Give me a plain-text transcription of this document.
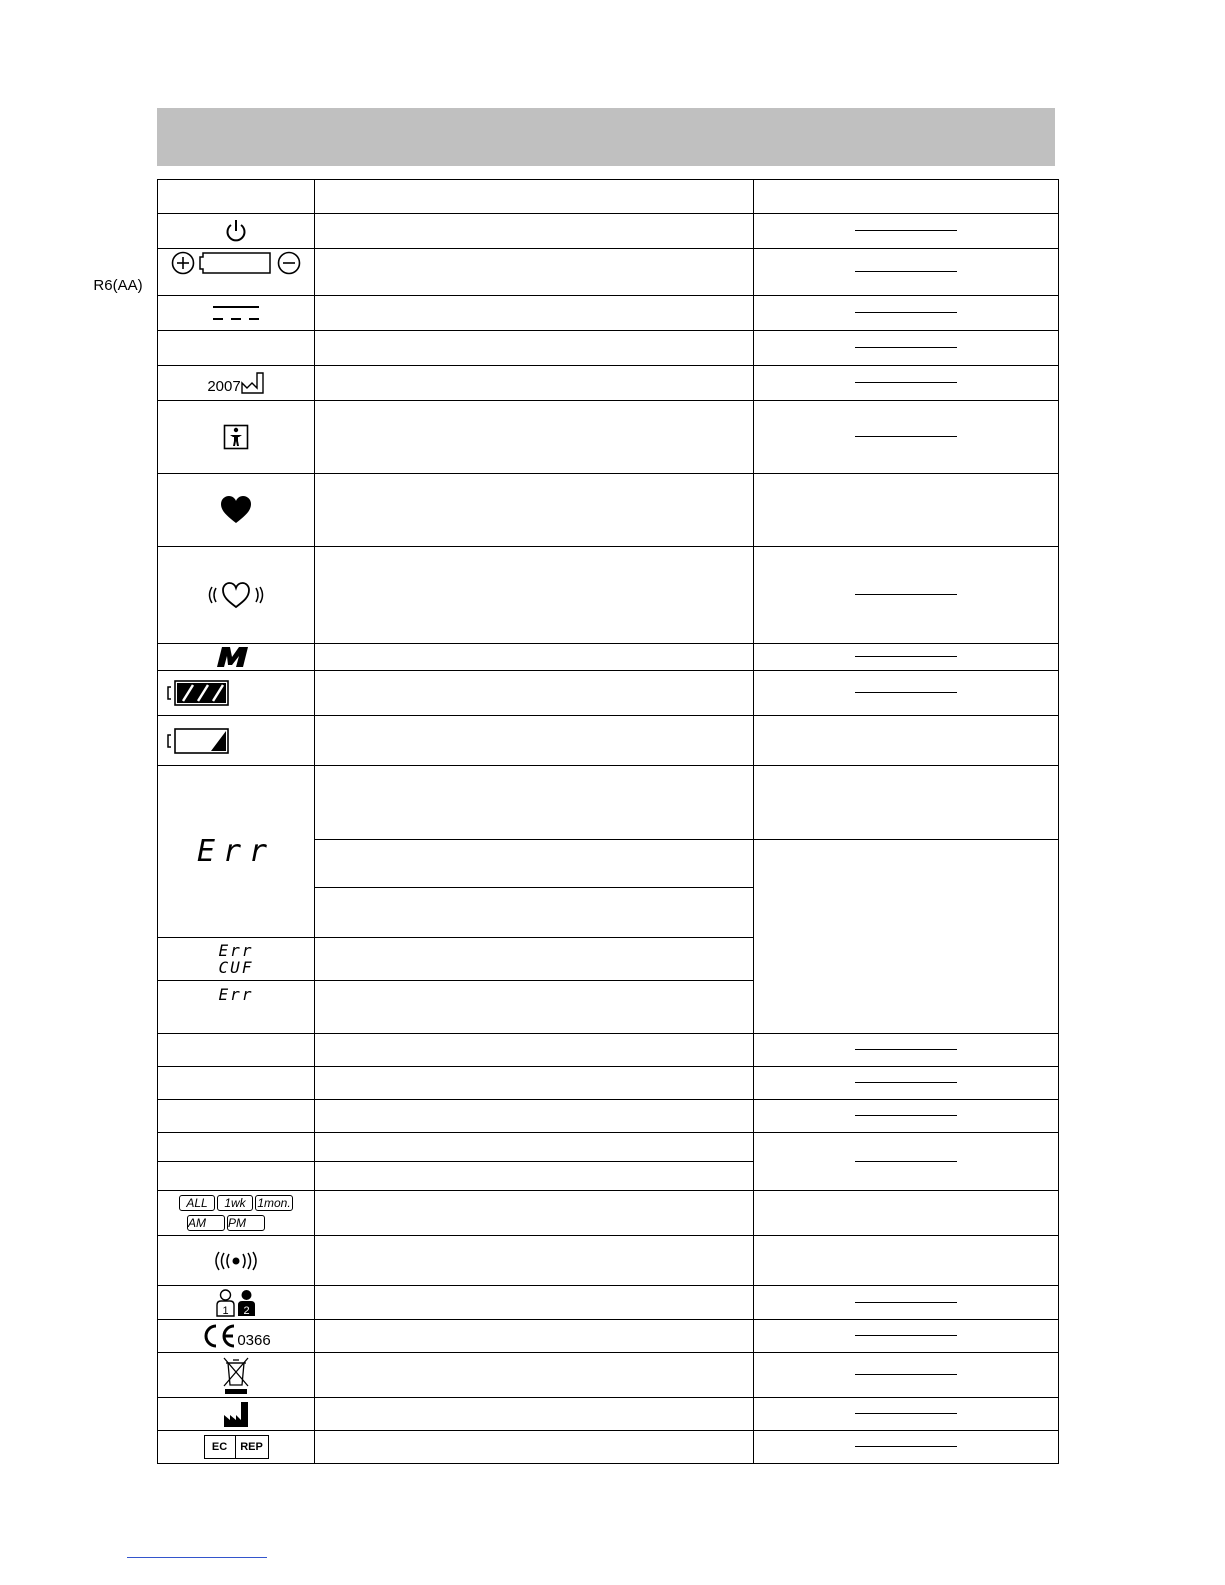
R6(AA)		

2007		

Err		

Err
CUF		

Err		

ALL 1wk 1mon.
AM PM		

1 2		

0366		

EC REP		
